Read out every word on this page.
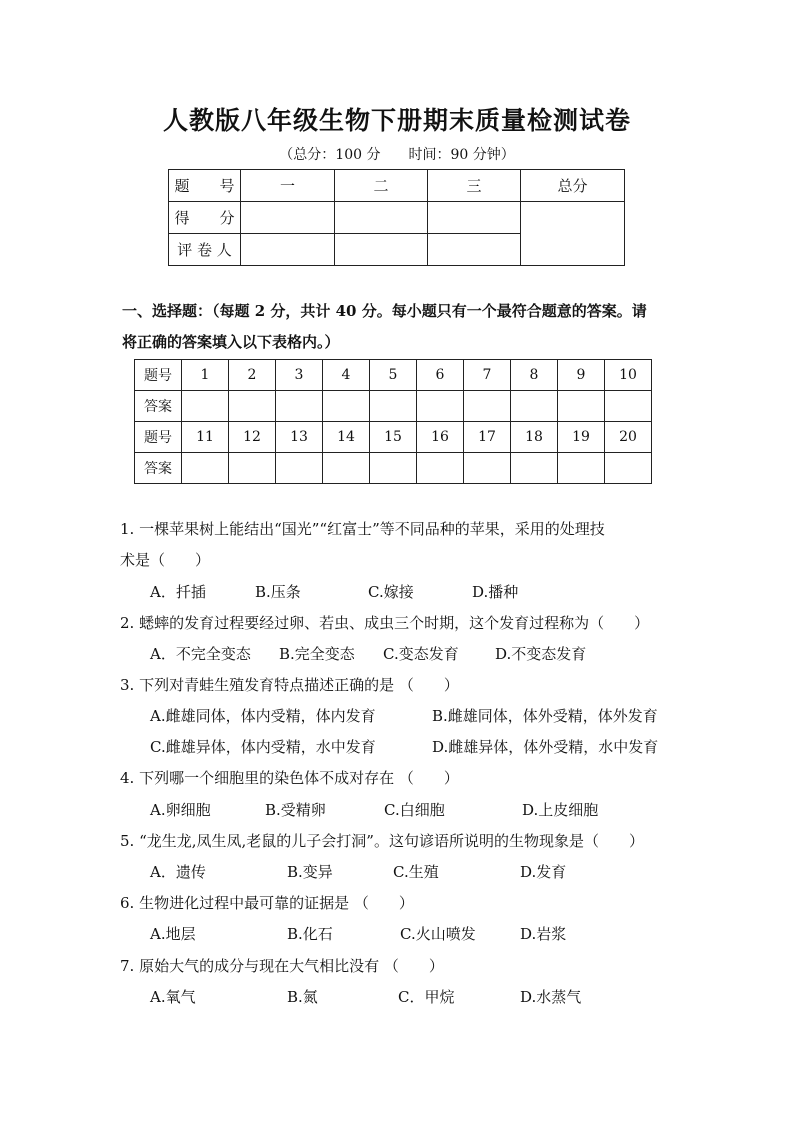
人教版八年级生物下册期末质量检测试卷
（总分：100 分 时间：90 分钟）
题　　号	一	二	三	总分
得　　分				
评 卷 人				
一、选择题：（每题 2 分，共计 40 分。每小题只有一个最符合题意的答案。请
将正确的答案填入以下表格内。）
题号	1	2	3	4	5	6	7	8	9	10
答案										
题号	11	12	13	14	15	16	17	18	19	20
答案										
1. 一棵苹果树上能结出“国光”“红富士”等不同品种的苹果，采用的处理技
术是（　　）
A．扦插	B.压条	C.嫁接	D.播种
2. 蟋蟀的发育过程要经过卵、若虫、成虫三个时期，这个发育过程称为（　　）
A．不完全变态 B.完全变态 C.变态发育 D.不变态发育
3. 下列对青蛙生殖发育特点描述正确的是 （　　）
A.雌雄同体，体内受精，体内发育	B.雌雄同体，体外受精，体外发育
C.雌雄异体，体内受精，水中发育	D.雌雄异体，体外受精，水中发育
4. 下列哪一个细胞里的染色体不成对存在 （　　）
A.卵细胞	B.受精卵	C.白细胞	D.上皮细胞
5. “龙生龙,凤生凤,老鼠的儿子会打洞”。这句谚语所说明的生物现象是（　　）
A．遗传	B.变异	C.生殖	D.发育
6. 生物进化过程中最可靠的证据是 （　　）
A.地层	B.化石	C.火山喷发	D.岩浆
7. 原始大气的成分与现在大气相比没有 （　　）
A.氧气	B.氮	C．甲烷	D.水蒸气
